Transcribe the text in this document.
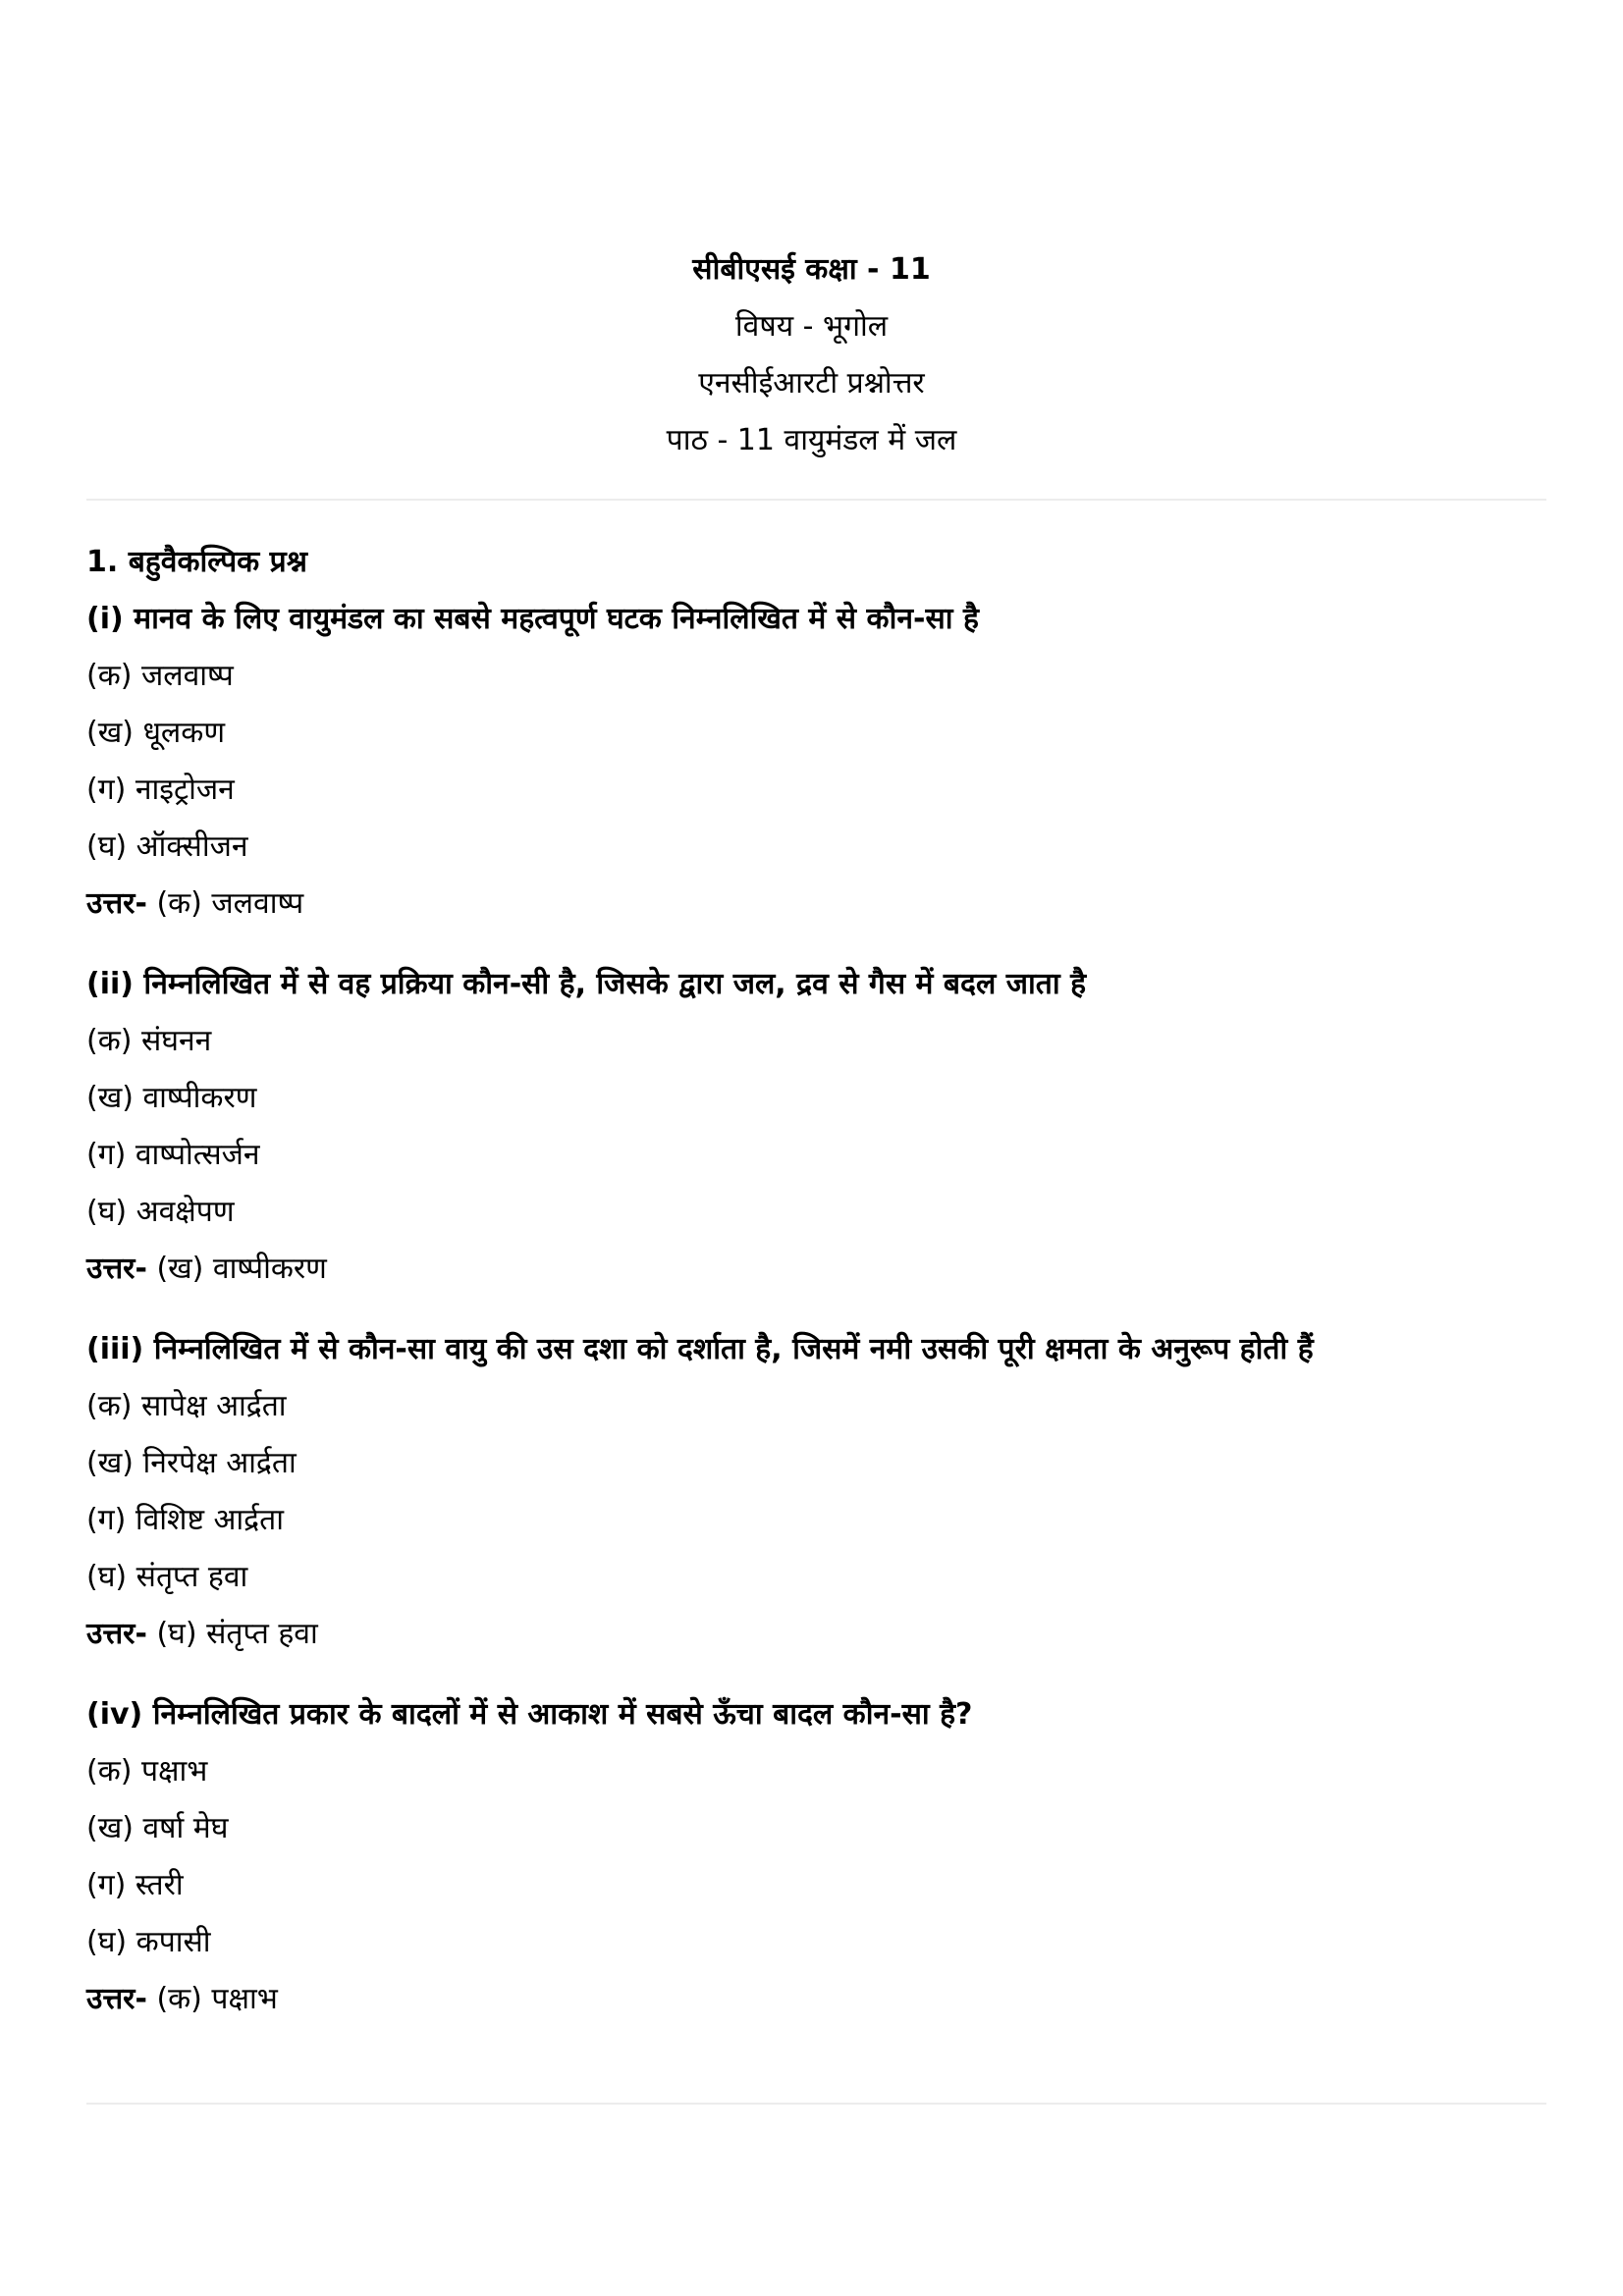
सीबीएसई कक्षा - 11
विषय - भूगोल
एनसीईआरटी प्रश्नोत्तर
पाठ - 11 वायुमंडल में जल
1. बहुवैकल्पिक प्रश्न
(i) मानव के लिए वायुमंडल का सबसे महत्वपूर्ण घटक निम्नलिखित में से कौन-सा है
(क) जलवाष्प
(ख) धूलकण
(ग) नाइट्रोजन
(घ) ऑक्सीजन
उत्तर- (क) जलवाष्प
(ii) निम्नलिखित में से वह प्रक्रिया कौन-सी है, जिसके द्वारा जल, द्रव से गैस में बदल जाता है
(क) संघनन
(ख) वाष्पीकरण
(ग) वाष्पोत्सर्जन
(घ) अवक्षेपण
उत्तर- (ख) वाष्पीकरण
(iii) निम्नलिखित में से कौन-सा वायु की उस दशा को दर्शाता है, जिसमें नमी उसकी पूरी क्षमता के अनुरूप होती हैं
(क) सापेक्ष आर्द्रता
(ख) निरपेक्ष आर्द्रता
(ग) विशिष्ट आर्द्रता
(घ) संतृप्त हवा
उत्तर- (घ) संतृप्त हवा
(iv) निम्नलिखित प्रकार के बादलों में से आकाश में सबसे ऊँचा बादल कौन-सा है?
(क) पक्षाभ
(ख) वर्षा मेघ
(ग) स्तरी
(घ) कपासी
उत्तर- (क) पक्षाभ
